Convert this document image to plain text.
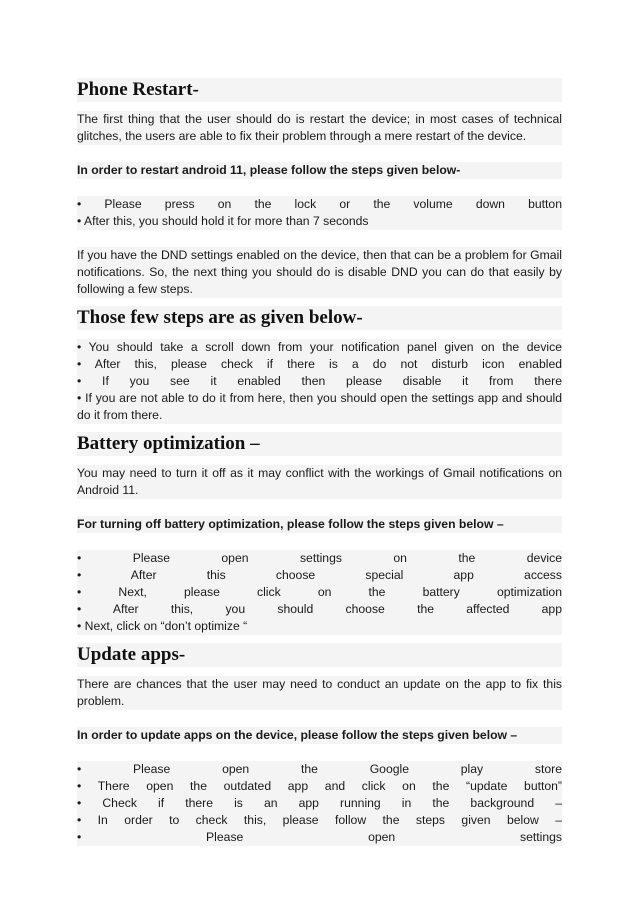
Phone Restart-

The first thing that the user should do is restart the device; in most cases of technical glitches, the users are able to fix their problem through a mere restart of the device.

In order to restart android 11, please follow the steps given below-

• Please press on the lock or the volume down button

• After this, you should hold it for more than 7 seconds

If you have the DND settings enabled on the device, then that can be a problem for Gmail notifications. So, the next thing you should do is disable DND you can do that easily by following a few steps.

Those few steps are as given below-

• You should take a scroll down from your notification panel given on the device

• After this, please check if there is a do not disturb icon enabled

• If you see it enabled then please disable it from there

• If you are not able to do it from here, then you should open the settings app and should do it from there.

Battery optimization –

You may need to turn it off as it may conflict with the workings of Gmail notifications on Android 11.

For turning off battery optimization, please follow the steps given below –

• Please open settings on the device

• After this choose special app access

• Next, please click on the battery optimization

• After this, you should choose the affected app

• Next, click on “don’t optimize “

Update apps-

There are chances that the user may need to conduct an update on the app to fix this problem.

In order to update apps on the device, please follow the steps given below –

• Please open the Google play store

• There open the outdated app and click on the “update button”

• Check if there is an app running in the background –

• In order to check this, please follow the steps given below –

• Please open settings
